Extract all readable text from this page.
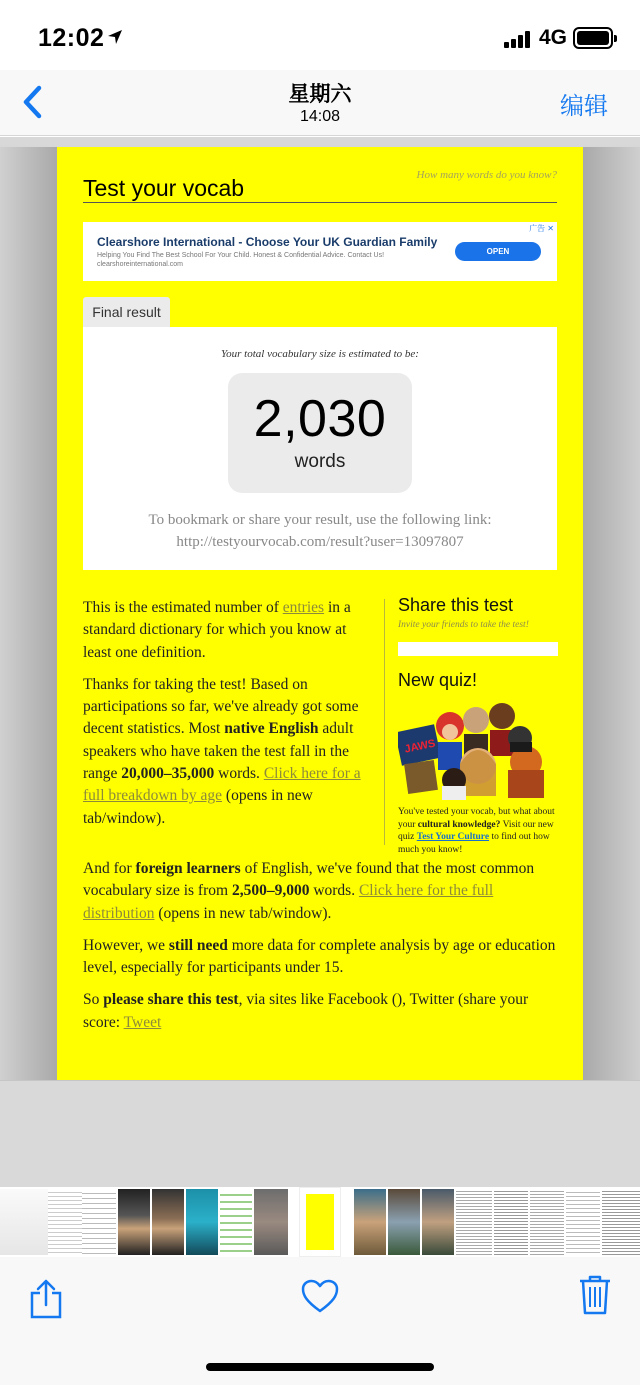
12:02	4G
星期六
14:08	编辑
Test your vocab	How many words do you know?
Clearshore International - Choose Your UK Guardian Family
Helping You Find The Best School For Your Child. Honest & Confidential Advice. Contact Us!
clearshoreinternational.com
OPEN
广告 ✕
Final result
Your total vocabulary size is estimated to be:
2,030
words
To bookmark or share your result, use the following link:
http://testyourvocab.com/result?user=13097807

This is the estimated number of entries in a standard dictionary for which you know at least one definition.

Thanks for taking the test! Based on participations so far, we've already got some decent statistics. Most native English adult speakers who have taken the test fall in the range 20,000–35,000 words. Click here for a full breakdown by age (opens in new tab/window).

Share this test
Invite your friends to take the test!
New quiz!
JAWS
You've tested your vocab, but what about your cultural knowledge? Visit our new quiz Test Your Culture to find out how much you know!

And for foreign learners of English, we've found that the most common vocabulary size is from 2,500–9,000 words. Click here for the full distribution (opens in new tab/window).

However, we still need more data for complete analysis by age or education level, especially for participants under 15.

So please share this test, via sites like Facebook (), Twitter (share your score: Tweet
